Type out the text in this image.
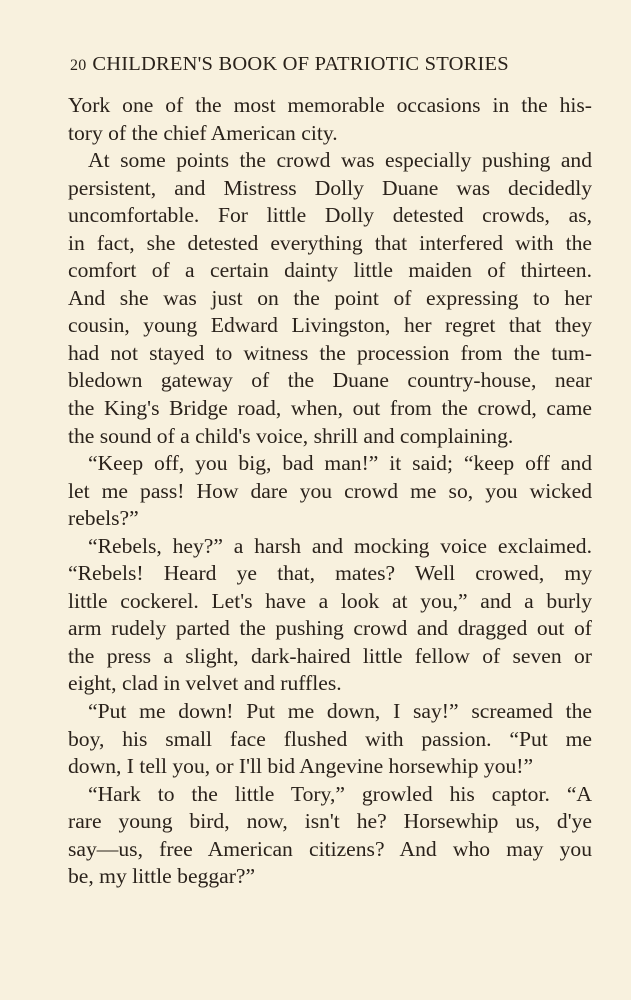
20 CHILDREN'S BOOK OF PATRIOTIC STORIES
York one of the most memorable occasions in the his-
tory of the chief American city.
At some points the crowd was especially pushing and
persistent, and Mistress Dolly Duane was decidedly
uncomfortable. For little Dolly detested crowds, as,
in fact, she detested everything that interfered with the
comfort of a certain dainty little maiden of thirteen.
And she was just on the point of expressing to her
cousin, young Edward Livingston, her regret that they
had not stayed to witness the procession from the tum-
bledown gateway of the Duane country-house, near
the King's Bridge road, when, out from the crowd, came
the sound of a child's voice, shrill and complaining.
“Keep off, you big, bad man!” it said; “keep off and
let me pass! How dare you crowd me so, you wicked
rebels?”
“Rebels, hey?” a harsh and mocking voice exclaimed.
“Rebels! Heard ye that, mates? Well crowed, my
little cockerel. Let's have a look at you,” and a burly
arm rudely parted the pushing crowd and dragged out of
the press a slight, dark-haired little fellow of seven or
eight, clad in velvet and ruffles.
“Put me down! Put me down, I say!” screamed the
boy, his small face flushed with passion. “Put me
down, I tell you, or I'll bid Angevine horsewhip you!”
“Hark to the little Tory,” growled his captor. “A
rare young bird, now, isn't he? Horsewhip us, d'ye
say—us, free American citizens? And who may you
be, my little beggar?”
